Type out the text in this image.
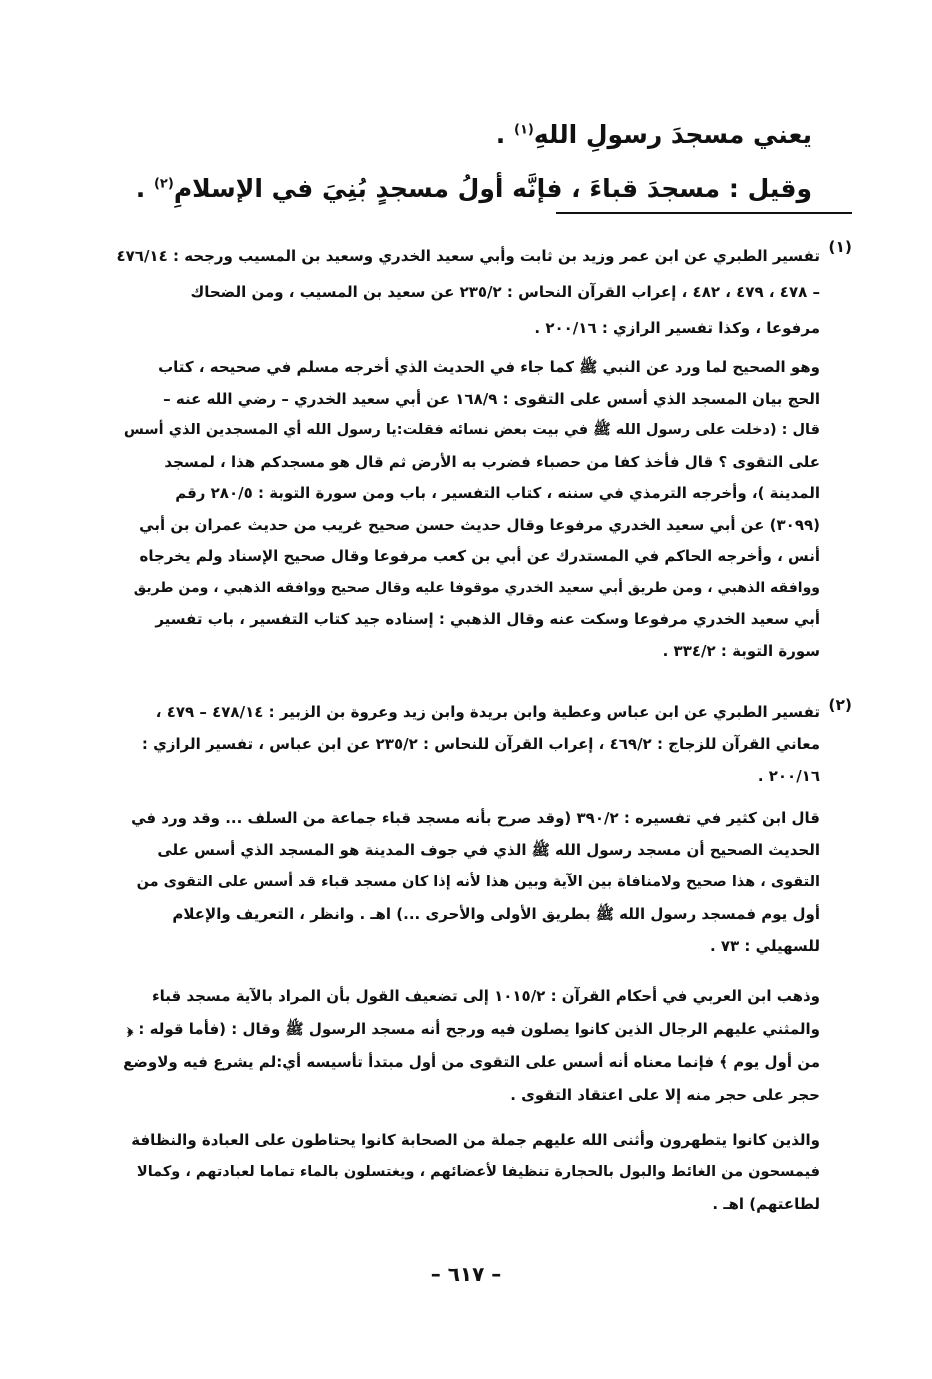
يعني مسجدَ رسولِ اللهِ$^{(١)}$ .
وقيل : مسجدَ قباءَ ، فإنَّه أولُ مسجدٍ بُنِيَ في الإسلامِ$^{(٢)}$ .
(١)
تفسير الطبري عن ابن عمر وزيد بن ثابت وأبي سعيد الخدري وسعيد بن المسيب ورجحه : ٤٧٦/١٤
– ٤٧٨ ، ٤٧٩ ، ٤٨٢ ، إعراب القرآن النحاس : ٢٣٥/٢ عن سعيد بن المسيب ، ومن الضحاك
مرفوعا ، وكذا تفسير الرازي : ٢٠٠/١٦ .
وهو الصحيح لما ورد عن النبي ﷺ كما جاء في الحديث الذي أخرجه مسلم في صحيحه ، كتاب
الحج بيان المسجد الذي أسس على التقوى : ١٦٨/٩ عن أبي سعيد الخدري – رضي الله عنه –
قال : (دخلت على رسول الله ﷺ في بيت بعض نسائه فقلت:يا رسول الله أي المسجدين الذي أسس
على التقوى ؟ قال فأخذ كفا من حصباء فضرب به الأرض ثم قال هو مسجدكم هذا ، لمسجد
المدينة )، وأخرجه الترمذي في سننه ، كتاب التفسير ، باب ومن سورة التوبة : ٢٨٠/٥ رقم
(٣٠٩٩) عن أبي سعيد الخدري مرفوعا وقال حديث حسن صحيح غريب من حديث عمران بن أبي
أنس ، وأخرجه الحاكم في المستدرك عن أبي بن كعب مرفوعا وقال صحيح الإسناد ولم يخرجاه
ووافقه الذهبي ، ومن طريق أبي سعيد الخدري موقوفا عليه وقال صحيح ووافقه الذهبي ، ومن طريق
أبي سعيد الخدري مرفوعا وسكت عنه وقال الذهبي : إسناده جيد كتاب التفسير ، باب تفسير
سورة التوبة : ٣٣٤/٢ .
(٢)
تفسير الطبري عن ابن عباس وعطية وابن بريدة وابن زيد وعروة بن الزبير : ٤٧٨/١٤ – ٤٧٩ ،
معاني القرآن للزجاج : ٤٦٩/٢ ، إعراب القرآن للنحاس : ٢٣٥/٢ عن ابن عباس ، تفسير الرازي :
٢٠٠/١٦ .
قال ابن كثير في تفسيره : ٣٩٠/٢ (وقد صرح بأنه مسجد قباء جماعة من السلف ... وقد ورد في
الحديث الصحيح أن مسجد رسول الله ﷺ الذي في جوف المدينة هو المسجد الذي أسس على
التقوى ، هذا صحيح ولامنافاة بين الآية وبين هذا لأنه إذا كان مسجد قباء قد أسس على التقوى من
أول يوم فمسجد رسول الله ﷺ بطريق الأولى والأحرى ...) اهـ . وانظر ، التعريف والإعلام
للسهيلي : ٧٣ .
وذهب ابن العربي في أحكام القرآن : ١٠١٥/٢ إلى تضعيف القول بأن المراد بالآية مسجد قباء
والمثني عليهم الرجال الذين كانوا يصلون فيه ورجح أنه مسجد الرسول ﷺ وقال : (فأما قوله : ﴿
من أول يوم ﴾ فإنما معناه أنه أسس على التقوى من أول مبتدأ تأسيسه أي:لم يشرع فيه ولاوضع
حجر على حجر منه إلا على اعتقاد التقوى .
والذين كانوا يتطهرون وأثنى الله عليهم جملة من الصحابة كانوا يحتاطون على العبادة والنظافة
فيمسحون من الغائط والبول بالحجارة تنظيفا لأعضائهم ، ويغتسلون بالماء تماما لعبادتهم ، وكمالا
لطاعتهم) اهـ .
– ٦١٧ –
